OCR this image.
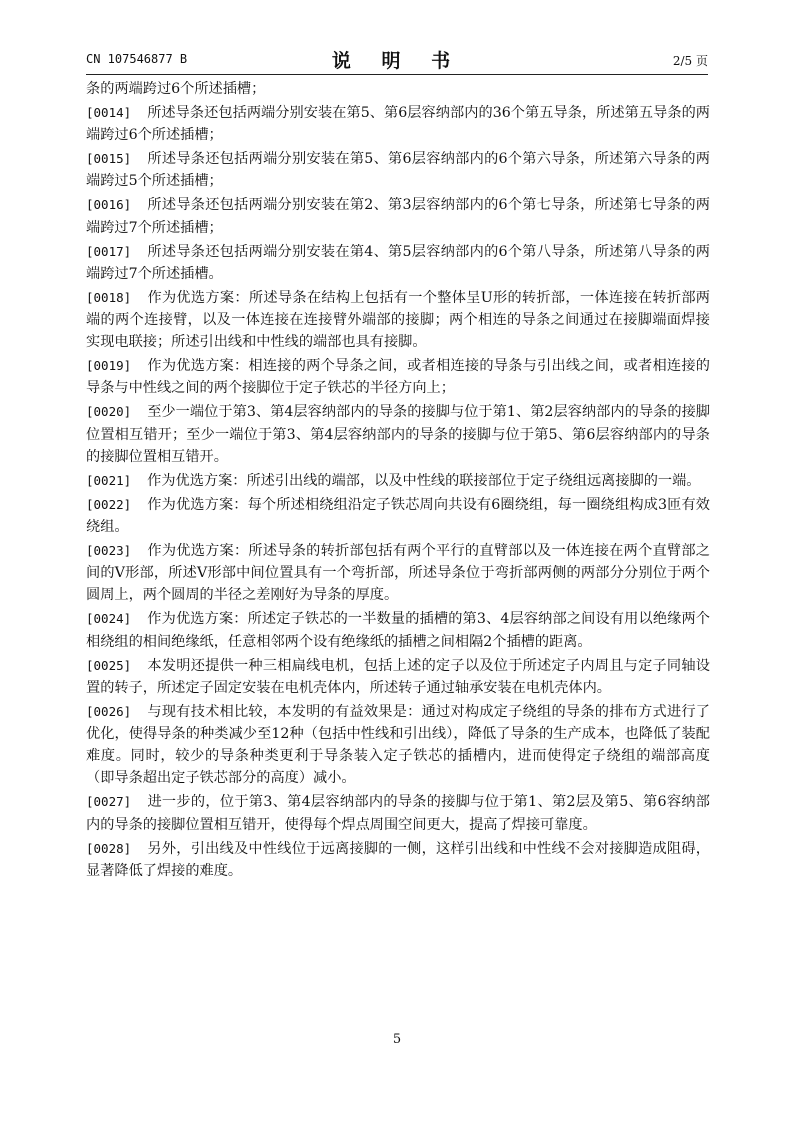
CN 107546877 B	说 明 书	2/5 页

条的两端跨过6个所述插槽；

[0014] 所述导条还包括两端分别安装在第5、第6层容纳部内的36个第五导条，所述第五导条的两端跨过6个所述插槽；

[0015] 所述导条还包括两端分别安装在第5、第6层容纳部内的6个第六导条，所述第六导条的两端跨过5个所述插槽；

[0016] 所述导条还包括两端分别安装在第2、第3层容纳部内的6个第七导条，所述第七导条的两端跨过7个所述插槽；

[0017] 所述导条还包括两端分别安装在第4、第5层容纳部内的6个第八导条，所述第八导条的两端跨过7个所述插槽。

[0018] 作为优选方案：所述导条在结构上包括有一个整体呈U形的转折部，一体连接在转折部两端的两个连接臂，以及一体连接在连接臂外端部的接脚；两个相连的导条之间通过在接脚端面焊接实现电联接；所述引出线和中性线的端部也具有接脚。

[0019] 作为优选方案：相连接的两个导条之间，或者相连接的导条与引出线之间，或者相连接的导条与中性线之间的两个接脚位于定子铁芯的半径方向上；

[0020] 至少一端位于第3、第4层容纳部内的导条的接脚与位于第1、第2层容纳部内的导条的接脚位置相互错开；至少一端位于第3、第4层容纳部内的导条的接脚与位于第5、第6层容纳部内的导条的接脚位置相互错开。

[0021] 作为优选方案：所述引出线的端部，以及中性线的联接部位于定子绕组远离接脚的一端。

[0022] 作为优选方案：每个所述相绕组沿定子铁芯周向共设有6圈绕组，每一圈绕组构成3匝有效绕组。

[0023] 作为优选方案：所述导条的转折部包括有两个平行的直臂部以及一体连接在两个直臂部之间的V形部，所述V形部中间位置具有一个弯折部，所述导条位于弯折部两侧的两部分分别位于两个圆周上，两个圆周的半径之差刚好为导条的厚度。

[0024] 作为优选方案：所述定子铁芯的一半数量的插槽的第3、4层容纳部之间设有用以绝缘两个相绕组的相间绝缘纸，任意相邻两个设有绝缘纸的插槽之间相隔2个插槽的距离。

[0025] 本发明还提供一种三相扁线电机，包括上述的定子以及位于所述定子内周且与定子同轴设置的转子，所述定子固定安装在电机壳体内，所述转子通过轴承安装在电机壳体内。

[0026] 与现有技术相比较，本发明的有益效果是：通过对构成定子绕组的导条的排布方式进行了优化，使得导条的种类减少至12种（包括中性线和引出线），降低了导条的生产成本，也降低了装配难度。同时，较少的导条种类更利于导条装入定子铁芯的插槽内，进而使得定子绕组的端部高度（即导条超出定子铁芯部分的高度）减小。

[0027] 进一步的，位于第3、第4层容纳部内的导条的接脚与位于第1、第2层及第5、第6容纳部内的导条的接脚位置相互错开，使得每个焊点周围空间更大，提高了焊接可靠度。

[0028] 另外，引出线及中性线位于远离接脚的一侧，这样引出线和中性线不会对接脚造成阻碍，显著降低了焊接的难度。

5
